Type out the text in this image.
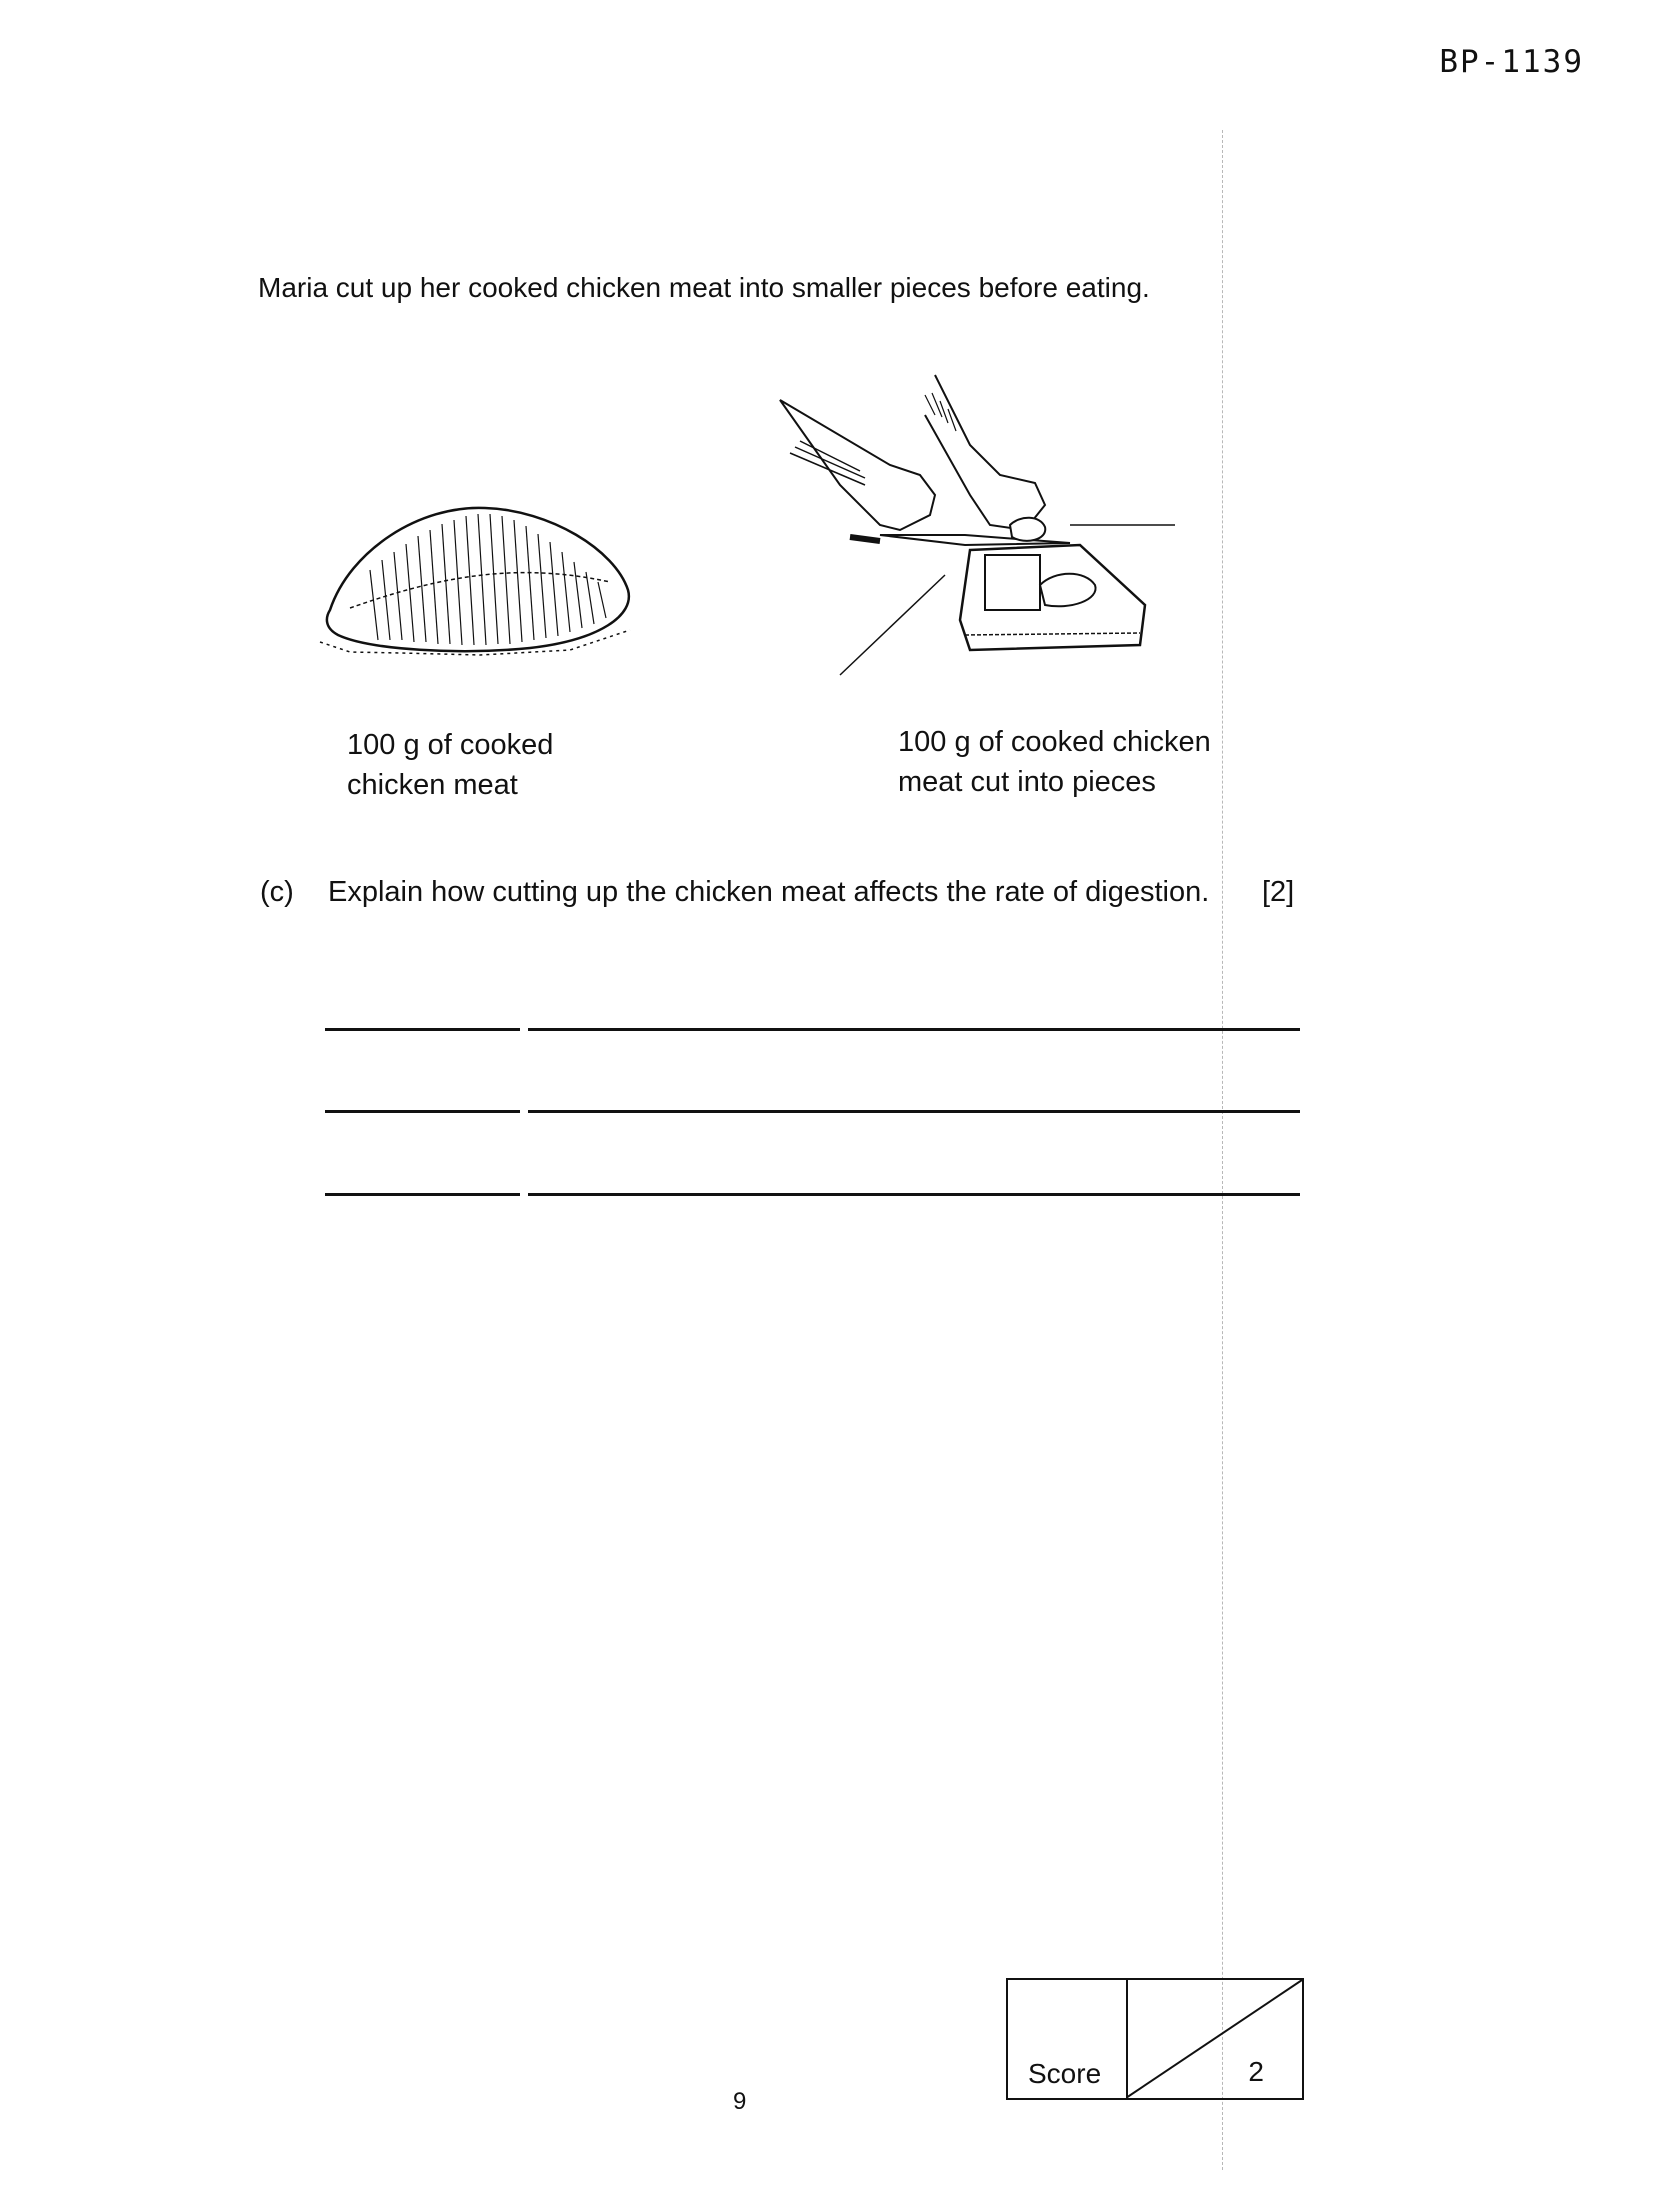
BP-1139
Maria cut up her cooked chicken meat into smaller pieces before eating.
100 g of cooked
chicken meat
100 g of cooked chicken
meat cut into pieces
(c) Explain how cutting up the chicken meat affects the rate of digestion. [2]
Score	2
9
